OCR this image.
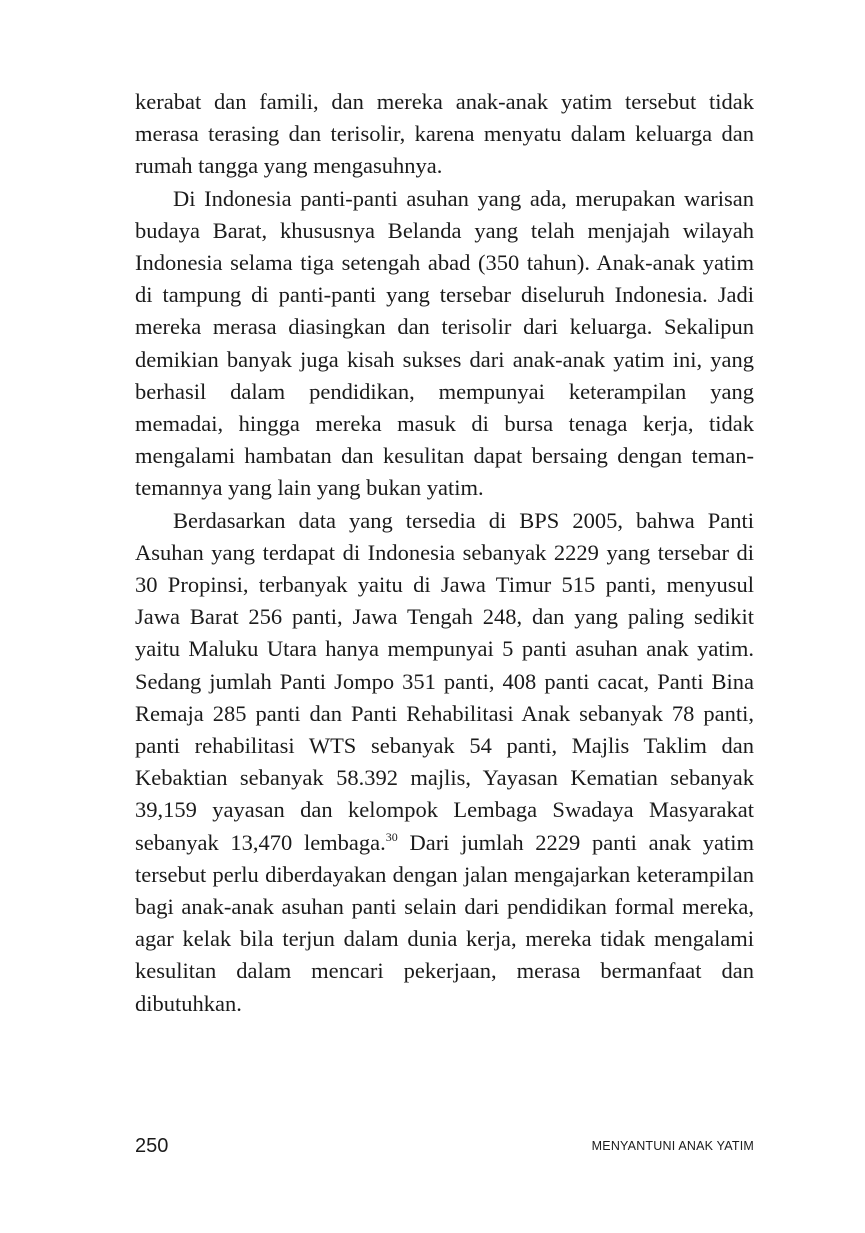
kerabat dan famili, dan mereka anak-anak yatim tersebut tidak merasa terasing dan terisolir, karena menyatu dalam keluarga dan rumah tangga yang mengasuhnya.

Di Indonesia panti-panti asuhan yang ada, merupakan warisan budaya Barat, khususnya Belanda yang telah menjajah wilayah Indonesia selama tiga setengah abad (350 tahun). Anak-anak yatim di tampung di panti-panti yang tersebar diseluruh Indonesia. Jadi mereka merasa diasingkan dan terisolir dari keluarga. Sekalipun demikian banyak juga kisah sukses dari anak-anak yatim ini, yang berhasil dalam pendidikan, mempunyai keterampilan yang memadai, hingga mereka masuk di bursa tenaga kerja, tidak mengalami hambatan dan kesulitan dapat bersaing dengan teman-temannya yang lain yang bukan yatim.

Berdasarkan data yang tersedia di BPS 2005, bahwa Panti Asuhan yang terdapat di Indonesia sebanyak 2229 yang tersebar di 30 Propinsi, terbanyak yaitu di Jawa Timur 515 panti, menyusul Jawa Barat 256 panti, Jawa Tengah 248, dan yang paling sedikit yaitu Maluku Utara hanya mempunyai 5 panti asuhan anak yatim. Sedang jumlah Panti Jompo 351 panti, 408 panti cacat, Panti Bina Remaja 285 panti dan Panti Rehabilitasi Anak sebanyak 78 panti, panti rehabilitasi WTS sebanyak 54 panti, Majlis Taklim dan Kebaktian sebanyak 58.392 majlis, Yayasan Kematian sebanyak 39,159 yayasan dan kelompok Lembaga Swadaya Masyarakat sebanyak 13,470 lembaga.$^{30}$ Dari jumlah 2229 panti anak yatim tersebut perlu diberdayakan dengan jalan mengajarkan keterampilan bagi anak-anak asuhan panti selain dari pendidikan formal mereka, agar kelak bila terjun dalam dunia kerja, mereka tidak mengalami kesulitan dalam mencari pekerjaan, merasa bermanfaat dan dibutuhkan.

250	MENYANTUNI ANAK YATIM
